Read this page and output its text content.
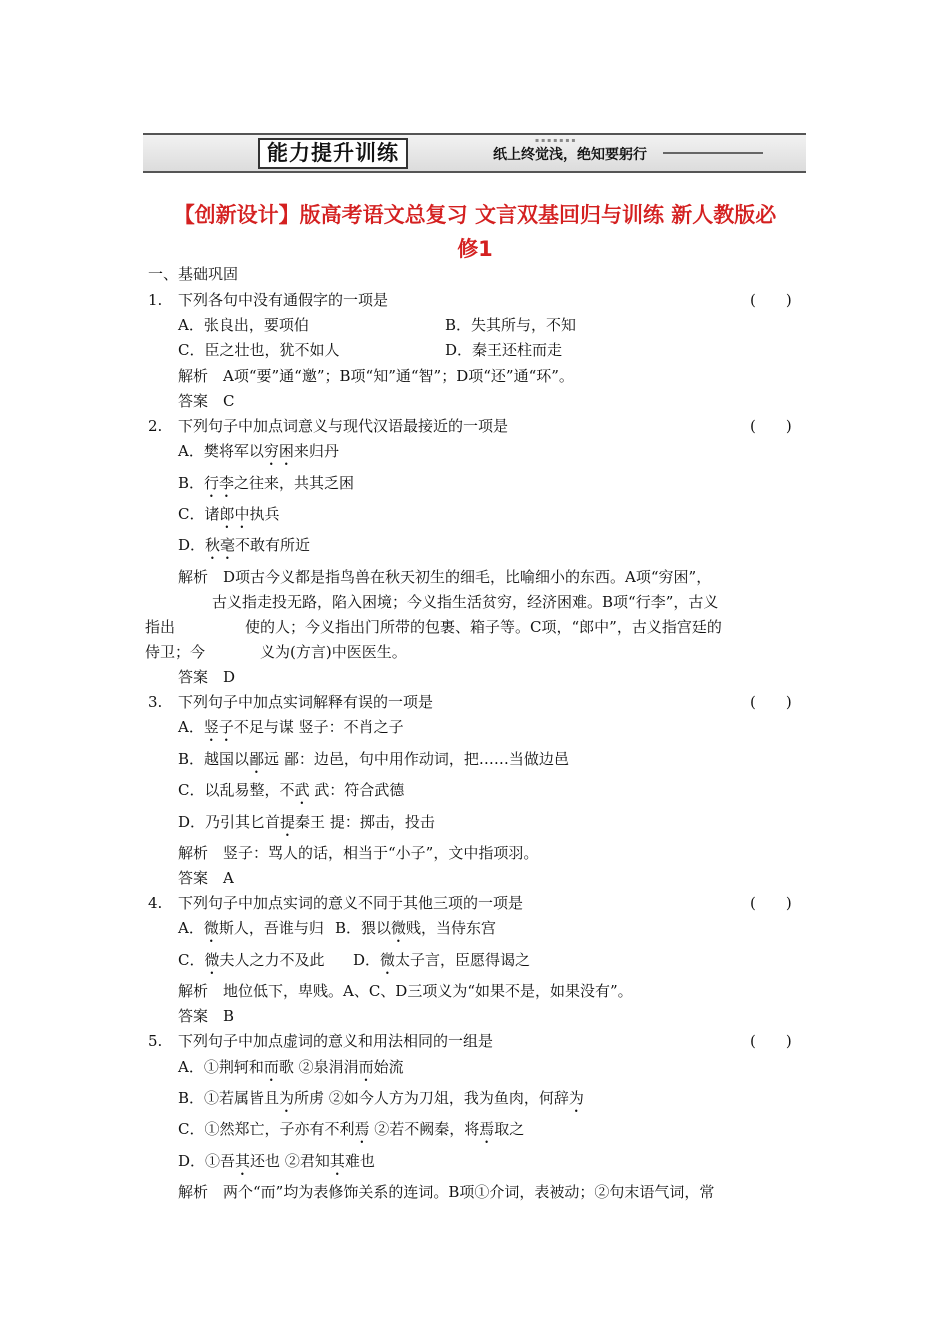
能力提升训练
▪▪▪▪▪▪▪
纸上终觉浅，绝知要躬行
【创新设计】版高考语文总复习 文言双基回归与训练 新人教版必
修1
一、基础巩固
1. 下列各句中没有通假字的一项是	(　　)
A．张良出，要项伯	B．失其所与，不知
C．臣之壮也，犹不如人	D．秦王还柱而走
解析　A项“要”通“邀”；B项“知”通“智”；D项“还”通“环”。
答案　C
2. 下列句子中加点词意义与现代汉语最接近的一项是	(　　)
A．樊将军以穷困来归丹
B．行李之往来，共其乏困
C．诸郎中执兵
D．秋毫不敢有所近
解析　D项古今义都是指鸟兽在秋天初生的细毛，比喻细小的东西。A项“穷困”，
古义指走投无路，陷入困境；今义指生活贫穷，经济困难。B项“行李”，古义
指出	使的人；今义指出门所带的包裹、箱子等。C项，“郎中”，古义指宫廷的
侍卫；今	义为(方言)中医医生。
答案　D
3. 下列句子中加点实词解释有误的一项是	(　　)
A．竖子不足与谋 竖子：不肖之子
B．越国以鄙远 鄙：边邑，句中用作动词，把……当做边邑
C．以乱易整，不武 武：符合武德
D．乃引其匕首提秦王 提：掷击，投击
解析　竖子：骂人的话，相当于“小子”，文中指项羽。
答案　A
4. 下列句子中加点实词的意义不同于其他三项的一项是	(　　)
A．微斯人，吾谁与归 B．猥以微贱，当侍东宫
C．微夫人之力不及此 D．微太子言，臣愿得谒之
解析　地位低下，卑贱。A、C、D三项义为“如果不是，如果没有”。
答案　B
5. 下列句子中加点虚词的意义和用法相同的一组是	(　　)
A．①荆轲和而歌 ②泉涓涓而始流
B．①若属皆且为所虏 ②如今人方为刀俎，我为鱼肉，何辞为
C．①然郑亡，子亦有不利焉 ②若不阙秦，将焉取之
D．①吾其还也 ②君知其难也
解析　两个“而”均为表修饰关系的连词。B项①介词，表被动；②句末语气词，常
